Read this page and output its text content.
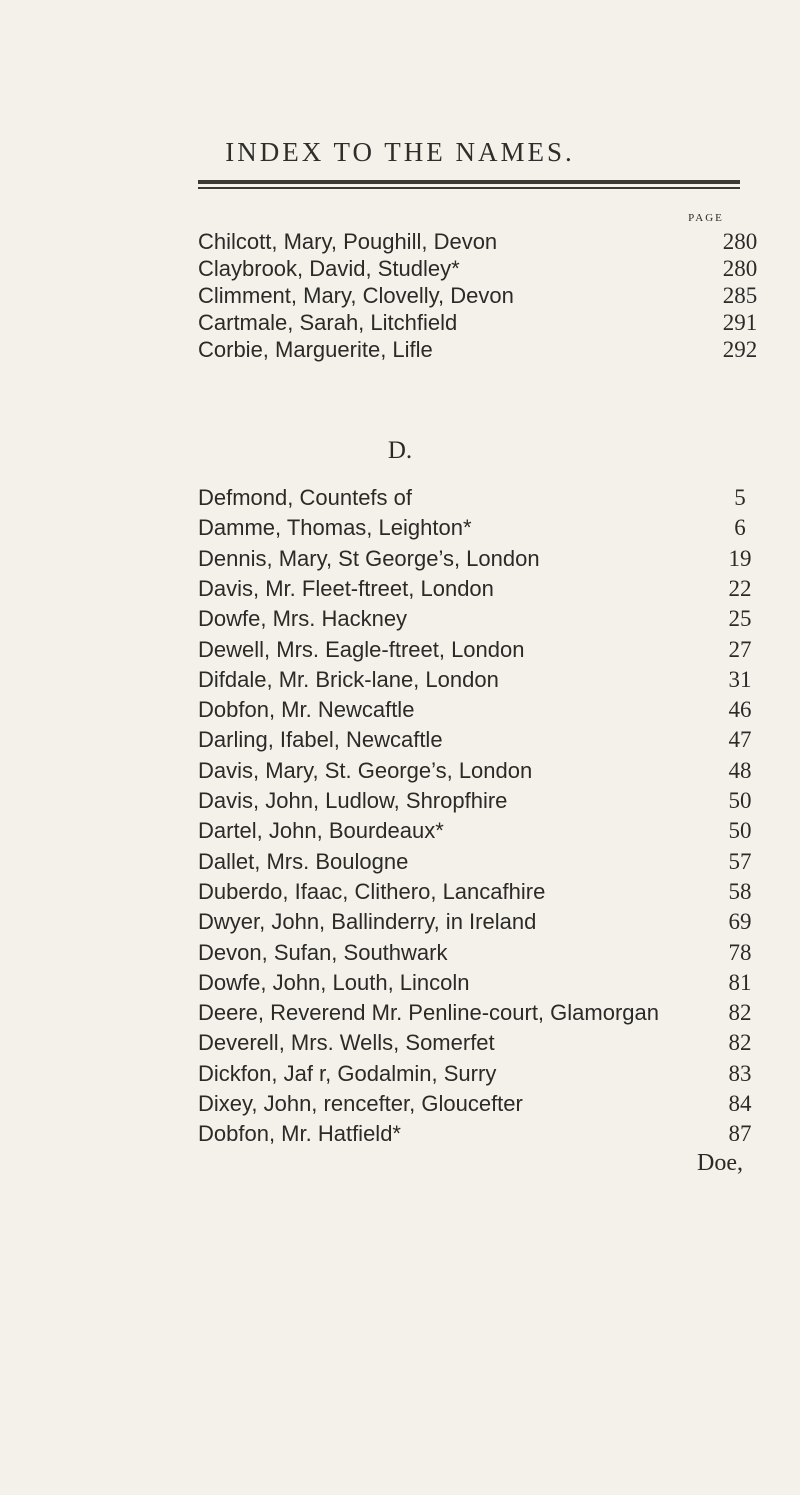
INDEX TO THE NAMES.
PAGE
Chilcott, Mary, Poughill, Devon	280
Claybrook, David, Studley*	280
Climment, Mary, Clovelly, Devon	285
Cartmale, Sarah, Litchfield	291
Corbie, Marguerite, Lifle	292
D.
Defmond, Countefs of	5
Damme, Thomas, Leighton*	6
Dennis, Mary, St George’s, London	19
Davis, Mr. Fleet-ftreet, London	22
Dowfe, Mrs. Hackney	25
Dewell, Mrs. Eagle-ftreet, London	27
Difdale, Mr. Brick-lane, London	31
Dobfon, Mr. Newcaftle	46
Darling, Ifabel, Newcaftle	47
Davis, Mary, St. George’s, London	48
Davis, John, Ludlow, Shropfhire	50
Dartel, John, Bourdeaux*	50
Dallet, Mrs. Boulogne	57
Duberdo, Ifaac, Clithero, Lancafhire	58
Dwyer, John, Ballinderry, in Ireland	69
Devon, Sufan, Southwark	78
Dowfe, John, Louth, Lincoln	81
Deere, Reverend Mr. Penline-court, Glamorgan	82
Deverell, Mrs. Wells, Somerfet	82
Dickfon, Jaf r, Godalmin, Surry	83
Dixey, John, rencefter, Gloucefter	84
Dobfon, Mr. Hatfield*	87
Doe,
